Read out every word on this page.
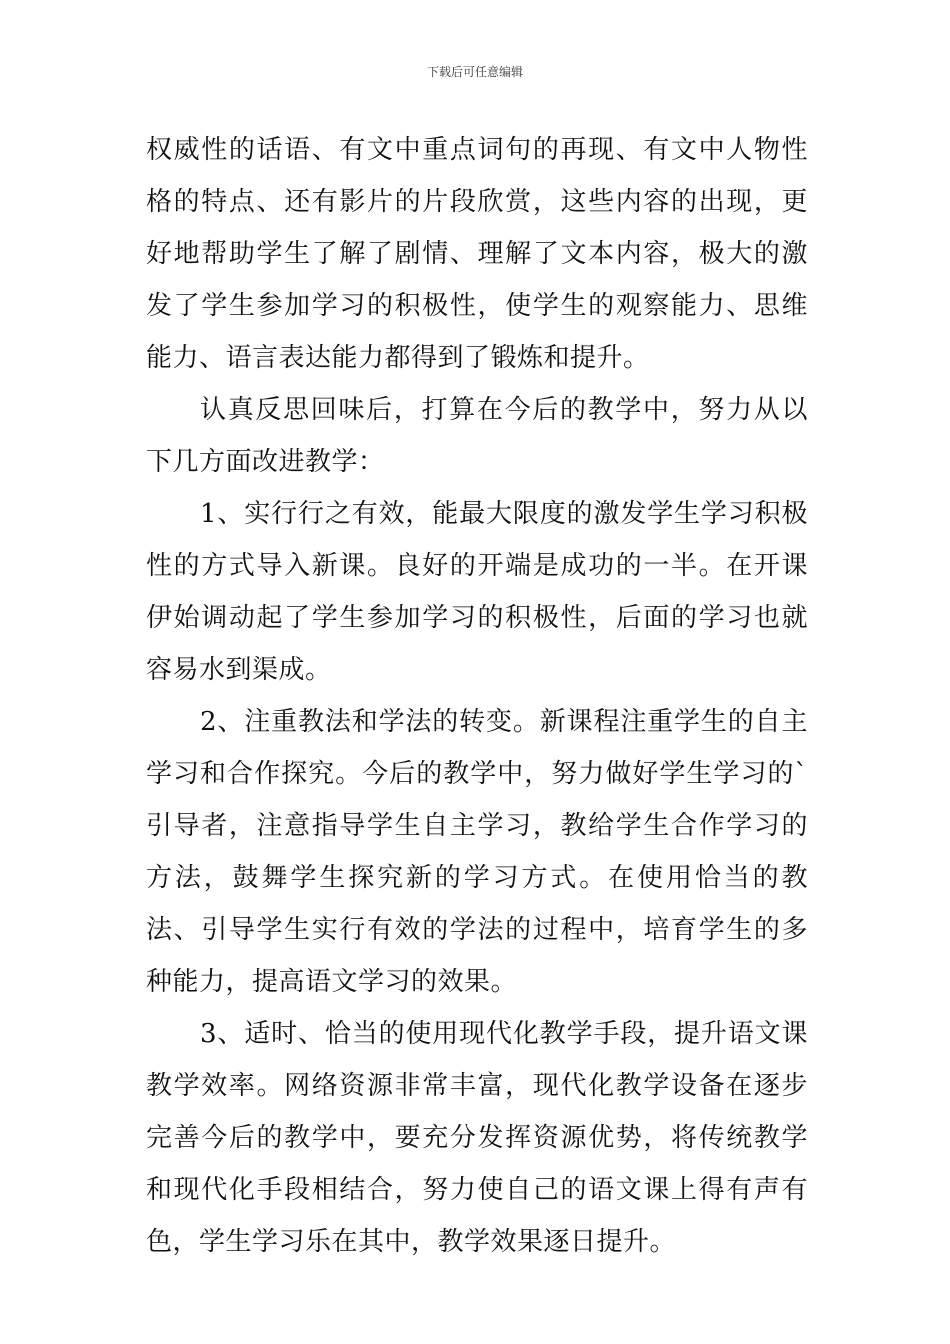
下载后可任意编辑

权威性的话语、有文中重点词句的再现、有文中人物性格的特点、还有影片的片段欣赏，这些内容的出现，更好地帮助学生了解了剧情、理解了文本内容，极大的激发了学生参加学习的积极性，使学生的观察能力、思维能力、语言表达能力都得到了锻炼和提升。

认真反思回味后，打算在今后的教学中，努力从以下几方面改进教学：

1、实行行之有效，能最大限度的激发学生学习积极性的方式导入新课。良好的开端是成功的一半。在开课伊始调动起了学生参加学习的积极性，后面的学习也就容易水到渠成。

2、注重教法和学法的转变。新课程注重学生的自主学习和合作探究。今后的教学中，努力做好学生学习的`引导者，注意指导学生自主学习，教给学生合作学习的方法，鼓舞学生探究新的学习方式。在使用恰当的教法、引导学生实行有效的学法的过程中，培育学生的多种能力，提高语文学习的效果。

3、适时、恰当的使用现代化教学手段，提升语文课教学效率。网络资源非常丰富，现代化教学设备在逐步完善今后的教学中，要充分发挥资源优势，将传统教学和现代化手段相结合，努力使自己的语文课上得有声有色，学生学习乐在其中，教学效果逐日提升。
